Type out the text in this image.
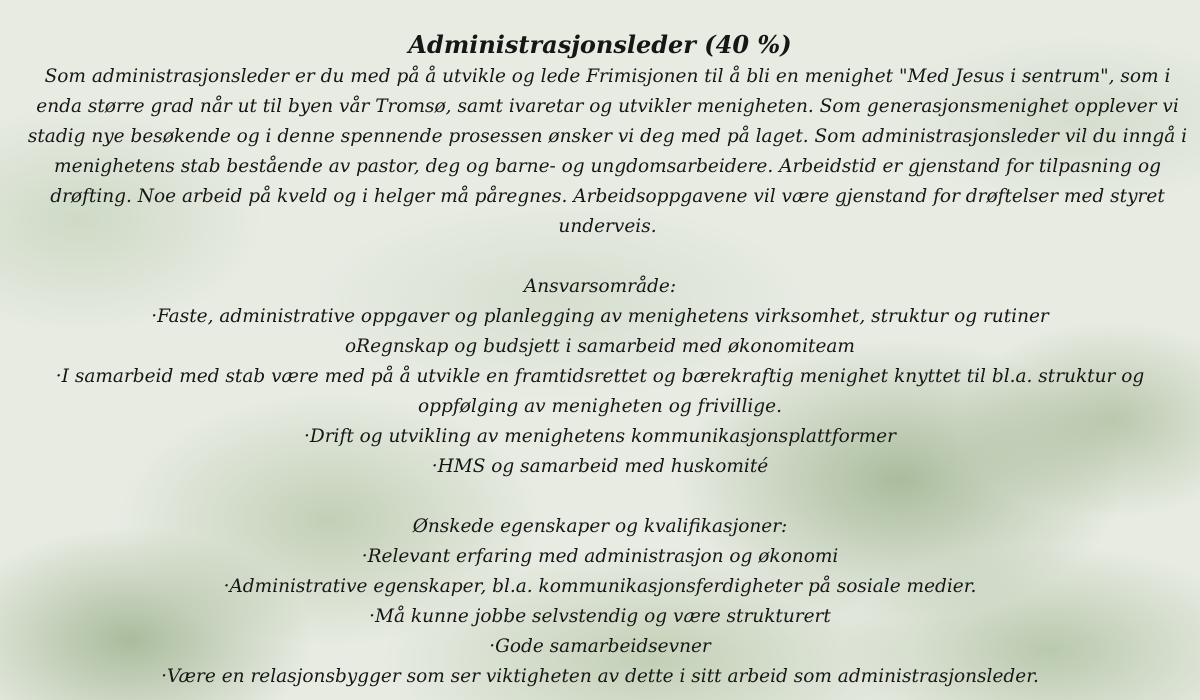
Administrasjonsleder (40 %)

Som administrasjonsleder er du med på å utvikle og lede Frimisjonen til å bli en menighet "Med Jesus i sentrum", som i enda større grad når ut til byen vår Tromsø, samt ivaretar og utvikler menigheten. Som generasjonsmenighet opplever vi stadig nye besøkende og i denne spennende prosessen ønsker vi deg med på laget. Som administrasjonsleder vil du inngå i menighetens stab bestående av pastor, deg og barne- og ungdomsarbeidere. Arbeidstid er gjenstand for tilpasning og drøfting. Noe arbeid på kveld og i helger må påregnes. Arbeidsoppgavene vil være gjenstand for drøftelser med styret underveis.

Ansvarsområde:
·Faste, administrative oppgaver og planlegging av menighetens virksomhet, struktur og rutiner
oRegnskap og budsjett i samarbeid med økonomiteam
·I samarbeid med stab være med på å utvikle en framtidsrettet og bærekraftig menighet knyttet til bl.a. struktur og oppfølging av menigheten og frivillige.
·Drift og utvikling av menighetens kommunikasjonsplattformer
·HMS og samarbeid med huskomité
Ønskede egenskaper og kvalifikasjoner:
·Relevant erfaring med administrasjon og økonomi
·Administrative egenskaper, bl.a. kommunikasjonsferdigheter på sosiale medier.
·Må kunne jobbe selvstendig og være strukturert
·Gode samarbeidsevner
·Være en relasjonsbygger som ser viktigheten av dette i sitt arbeid som administrasjonsleder.
